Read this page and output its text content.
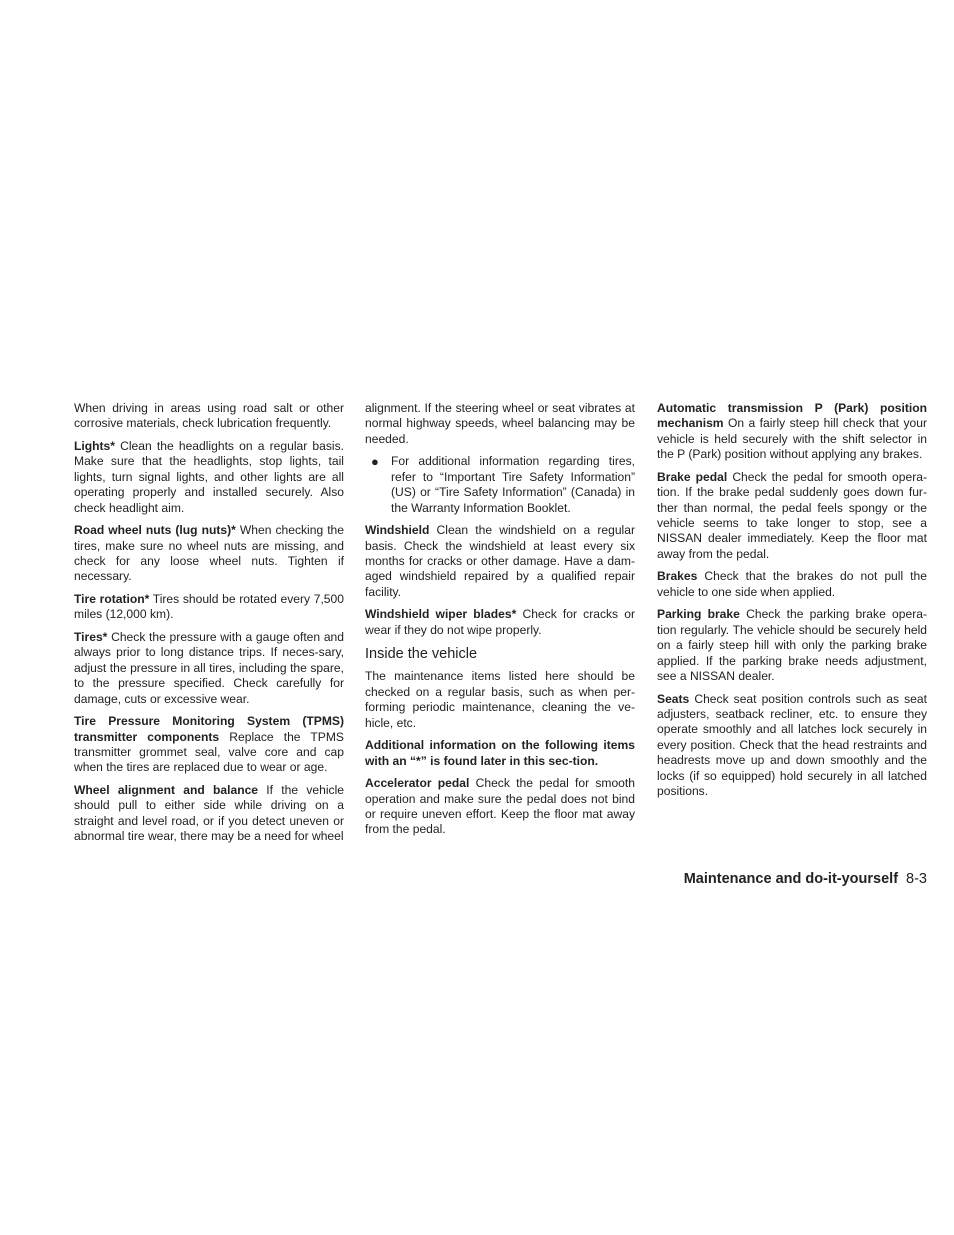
When driving in areas using road salt or other corrosive materials, check lubrication frequently.

Lights* Clean the headlights on a regular basis. Make sure that the headlights, stop lights, tail lights, turn signal lights, and other lights are all operating properly and installed securely. Also check headlight aim.

Road wheel nuts (lug nuts)* When checking the tires, make sure no wheel nuts are missing, and check for any loose wheel nuts. Tighten if necessary.

Tire rotation* Tires should be rotated every 7,500 miles (12,000 km).

Tires* Check the pressure with a gauge often and always prior to long distance trips. If neces-sary, adjust the pressure in all tires, including the spare, to the pressure specified. Check carefully for damage, cuts or excessive wear.

Tire Pressure Monitoring System (TPMS) transmitter components Replace the TPMS transmitter grommet seal, valve core and cap when the tires are replaced due to wear or age.

Wheel alignment and balance If the vehicle should pull to either side while driving on a straight and level road, or if you detect uneven or abnormal tire wear, there may be a need for wheel

alignment. If the steering wheel or seat vibrates at normal highway speeds, wheel balancing may be needed.

●	For additional information regarding tires, refer to “Important Tire Safety Information” (US) or “Tire Safety Information” (Canada) in the Warranty Information Booklet.

Windshield Clean the windshield on a regular basis. Check the windshield at least every six months for cracks or other damage. Have a dam-aged windshield repaired by a qualified repair facility.

Windshield wiper blades* Check for cracks or wear if they do not wipe properly.

Inside the vehicle

The maintenance items listed here should be checked on a regular basis, such as when per-forming periodic maintenance, cleaning the ve-hicle, etc.

Additional information on the following items with an “*” is found later in this sec-tion.

Accelerator pedal Check the pedal for smooth operation and make sure the pedal does not bind or require uneven effort. Keep the floor mat away from the pedal.

Automatic transmission P (Park) position mechanism On a fairly steep hill check that your vehicle is held securely with the shift selector in the P (Park) position without applying any brakes.

Brake pedal Check the pedal for smooth opera-tion. If the brake pedal suddenly goes down fur-ther than normal, the pedal feels spongy or the vehicle seems to take longer to stop, see a NISSAN dealer immediately. Keep the floor mat away from the pedal.

Brakes Check that the brakes do not pull the vehicle to one side when applied.

Parking brake Check the parking brake opera-tion regularly. The vehicle should be securely held on a fairly steep hill with only the parking brake applied. If the parking brake needs adjustment, see a NISSAN dealer.

Seats Check seat position controls such as seat adjusters, seatback recliner, etc. to ensure they operate smoothly and all latches lock securely in every position. Check that the head restraints and headrests move up and down smoothly and the locks (if so equipped) hold securely in all latched positions.

Maintenance and do-it-yourself 8-3
